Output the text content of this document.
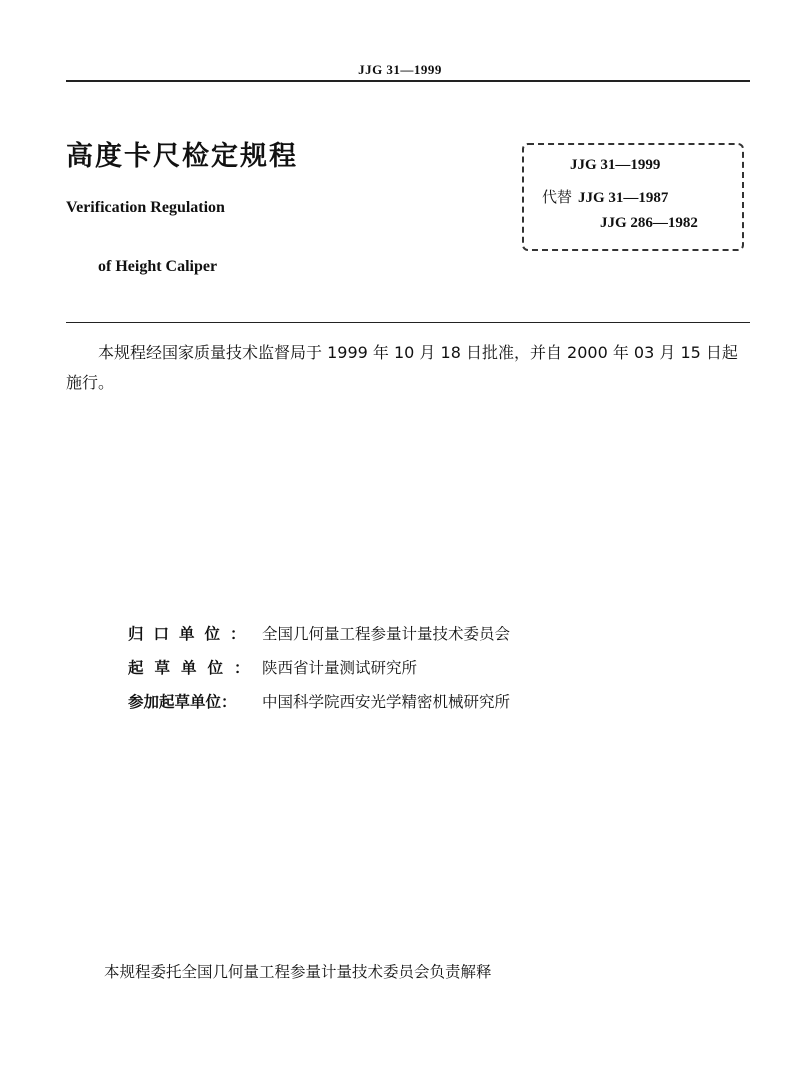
JJG 31—1999
高度卡尺检定规程
Verification Regulation
of Height Caliper
JJG 31—1999
代替 JJG 31—1987
JJG 286—1982
本规程经国家质量技术监督局于 1999 年 10 月 18 日批准，并自 2000 年 03 月 15 日起施行。
归口单位： 全国几何量工程参量计量技术委员会
起草单位： 陕西省计量测试研究所
参加起草单位：	中国科学院西安光学精密机械研究所
本规程委托全国几何量工程参量计量技术委员会负责解释
